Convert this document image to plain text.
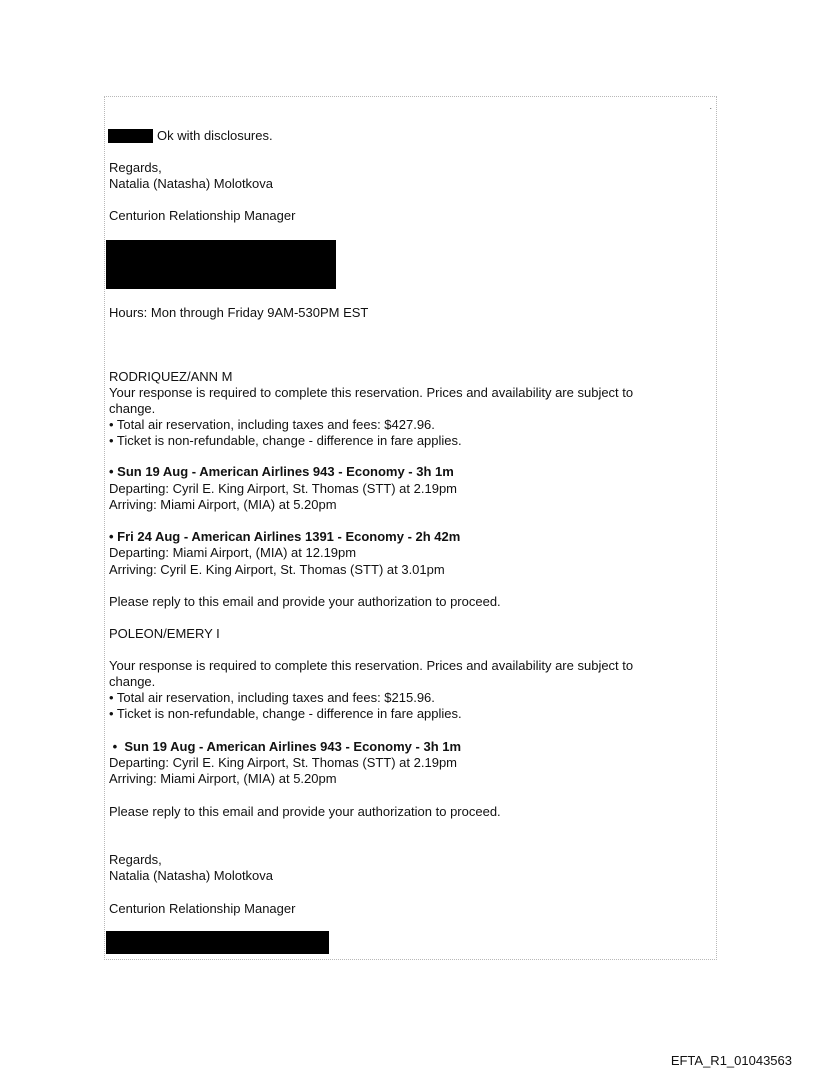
.
Ok with disclosures.
Regards,
Natalia (Natasha) Molotkova
Centurion Relationship Manager
Hours: Mon through Friday 9AM-530PM EST
RODRIQUEZ/ANN M
Your response is required to complete this reservation. Prices and availability are subject to
change.
• Total air reservation, including taxes and fees: $427.96.
• Ticket is non-refundable, change - difference in fare applies.
• Sun 19 Aug - American Airlines 943 - Economy - 3h 1m
Departing: Cyril E. King Airport, St. Thomas (STT) at 2.19pm
Arriving: Miami Airport, (MIA) at 5.20pm
• Fri 24 Aug - American Airlines 1391 - Economy - 2h 42m
Departing: Miami Airport, (MIA) at 12.19pm
Arriving: Cyril E. King Airport, St. Thomas (STT) at 3.01pm
Please reply to this email and provide your authorization to proceed.
POLEON/EMERY I
Your response is required to complete this reservation. Prices and availability are subject to
change.
• Total air reservation, including taxes and fees: $215.96.
• Ticket is non-refundable, change - difference in fare applies.
•  Sun 19 Aug - American Airlines 943 - Economy - 3h 1m
Departing: Cyril E. King Airport, St. Thomas (STT) at 2.19pm
Arriving: Miami Airport, (MIA) at 5.20pm
Please reply to this email and provide your authorization to proceed.
Regards,
Natalia (Natasha) Molotkova
Centurion Relationship Manager
EFTA_R1_01043563
